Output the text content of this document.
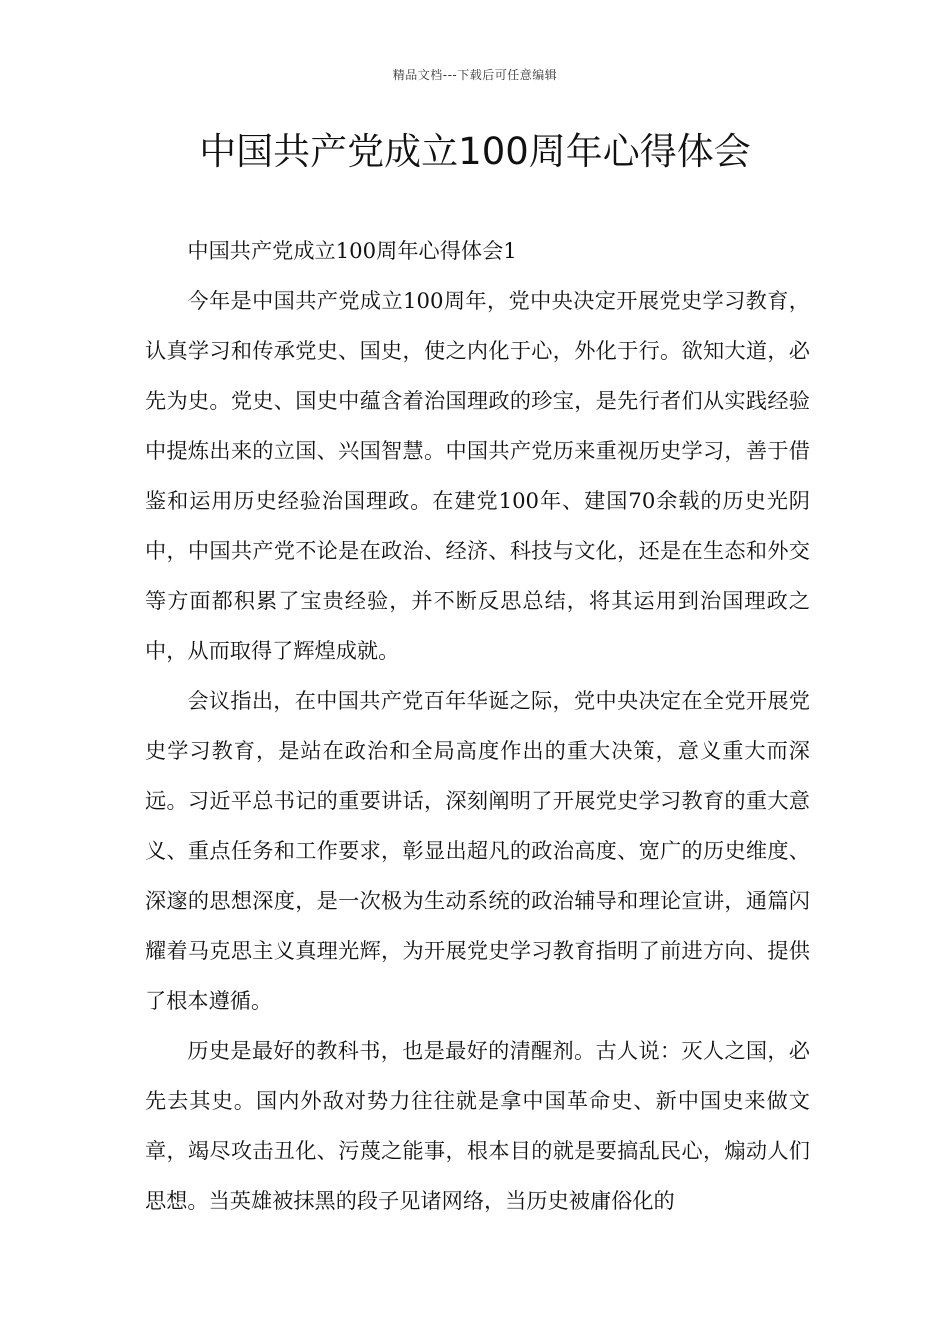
精品文档---下载后可任意编辑
中国共产党成立100周年心得体会

中国共产党成立100周年心得体会1

今年是中国共产党成立100周年，党中央决定开展党史学习教育，认真学习和传承党史、国史，使之内化于心，外化于行。欲知大道，必先为史。党史、国史中蕴含着治国理政的珍宝，是先行者们从实践经验中提炼出来的立国、兴国智慧。中国共产党历来重视历史学习，善于借鉴和运用历史经验治国理政。在建党100年、建国70余载的历史光阴中，中国共产党不论是在政治、经济、科技与文化，还是在生态和外交等方面都积累了宝贵经验，并不断反思总结，将其运用到治国理政之中，从而取得了辉煌成就。

会议指出，在中国共产党百年华诞之际，党中央决定在全党开展党史学习教育，是站在政治和全局高度作出的重大决策，意义重大而深远。习近平总书记的重要讲话，深刻阐明了开展党史学习教育的重大意义、重点任务和工作要求，彰显出超凡的政治高度、宽广的历史维度、深邃的思想深度，是一次极为生动系统的政治辅导和理论宣讲，通篇闪耀着马克思主义真理光辉，为开展党史学习教育指明了前进方向、提供了根本遵循。

历史是最好的教科书，也是最好的清醒剂。古人说：灭人之国，必先去其史。国内外敌对势力往往就是拿中国革命史、新中国史来做文章，竭尽攻击丑化、污蔑之能事，根本目的就是要搞乱民心，煽动人们思想。当英雄被抹黑的段子见诸网络，当历史被庸俗化的
